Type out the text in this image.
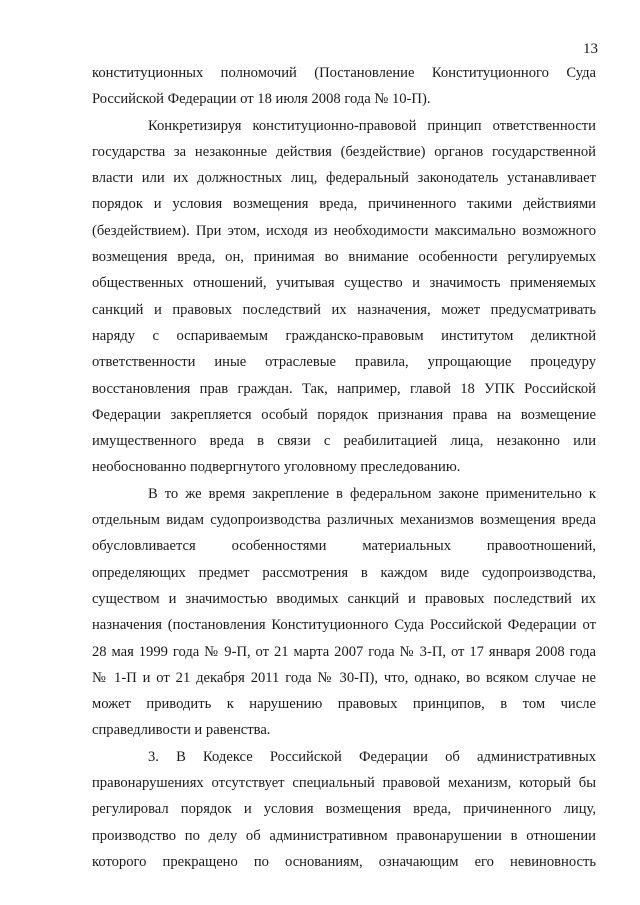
13
конституционных полномочий (Постановление Конституционного Суда
Российской Федерации от 18 июля 2008 года № 10-П).
Конкретизируя конституционно-правовой принцип ответственности
государства за незаконные действия (бездействие) органов государственной
власти или их должностных лиц, федеральный законодатель устанавливает
порядок и условия возмещения вреда, причиненного такими действиями
(бездействием). При этом, исходя из необходимости максимально возможного
возмещения вреда, он, принимая во внимание особенности регулируемых
общественных отношений, учитывая существо и значимость применяемых
санкций и правовых последствий их назначения, может предусматривать
наряду с оспариваемым гражданско-правовым институтом деликтной
ответственности иные отраслевые правила, упрощающие процедуру
восстановления прав граждан. Так, например, главой 18 УПК Российской
Федерации закрепляется особый порядок признания права на возмещение
имущественного вреда в связи с реабилитацией лица, незаконно или
необоснованно подвергнутого уголовному преследованию.
В то же время закрепление в федеральном законе применительно к
отдельным видам судопроизводства различных механизмов возмещения вреда
обусловливается особенностями материальных правоотношений,
определяющих предмет рассмотрения в каждом виде судопроизводства,
существом и значимостью вводимых санкций и правовых последствий их
назначения (постановления Конституционного Суда Российской Федерации от
28 мая 1999 года № 9-П, от 21 марта 2007 года № 3-П, от 17 января 2008 года
№ 1-П и от 21 декабря 2011 года № 30-П), что, однако, во всяком случае не
может приводить к нарушению правовых принципов, в том числе
справедливости и равенства.
3. В Кодексе Российской Федерации об административных
правонарушениях отсутствует специальный правовой механизм, который бы
регулировал порядок и условия возмещения вреда, причиненного лицу,
производство по делу об административном правонарушении в отношении
которого прекращено по основаниям, означающим его невиновность
